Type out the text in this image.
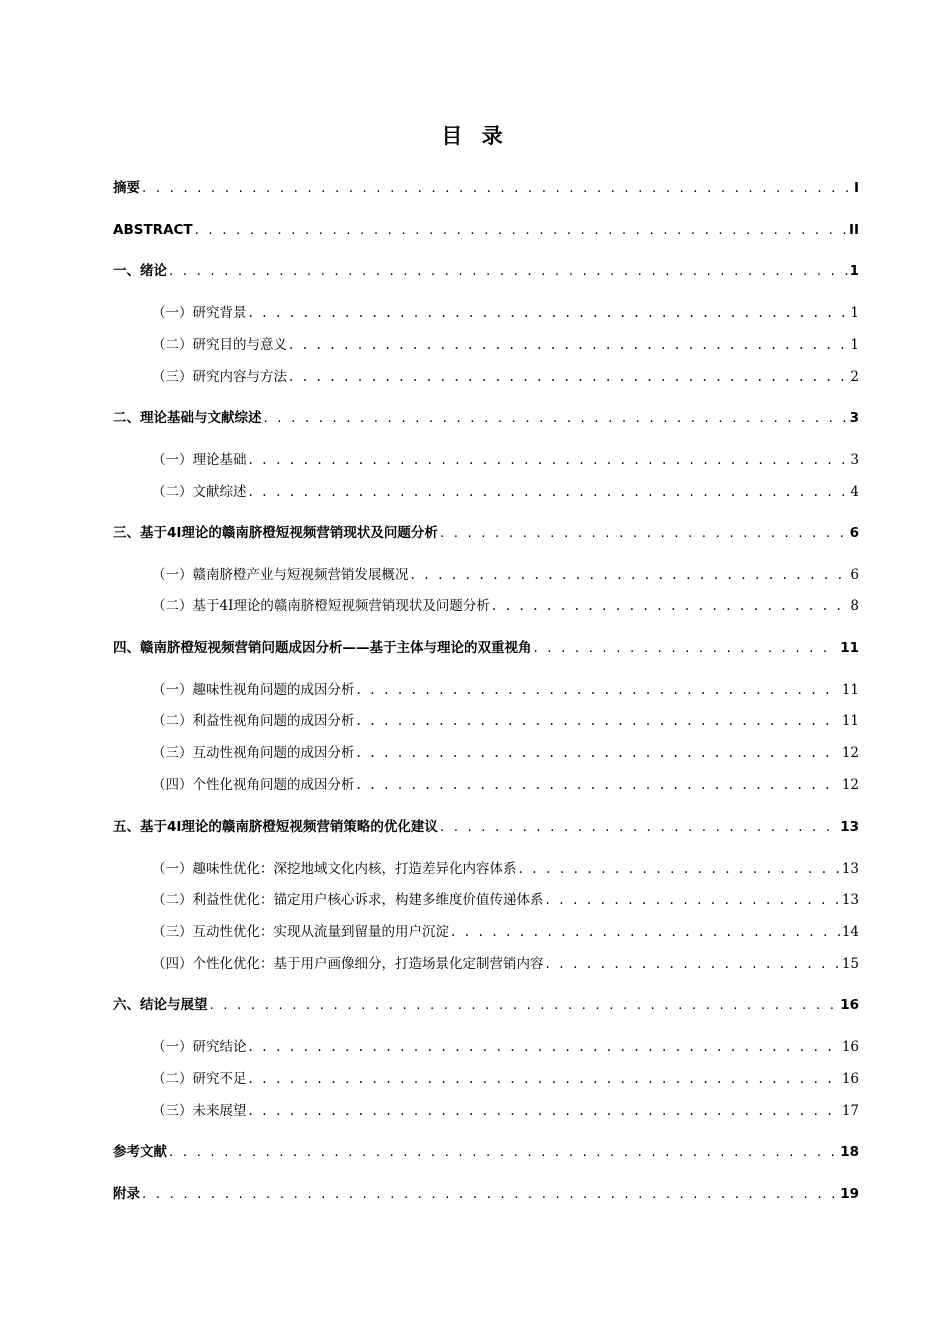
目 录
摘要 . . .	I
ABSTRACT . . .	II
一、绪论 . . .	1
（一）研究背景 . . .	1
（二）研究目的与意义 . . .	1
（三）研究内容与方法 . . .	2
二、理论基础与文献综述 . . .	3
（一）理论基础 . . .	3
（二）文献综述 . . .	4
三、基于4I理论的赣南脐橙短视频营销现状及问题分析 . . .	6
（一）赣南脐橙产业与短视频营销发展概况 . . .	6
（二）基于4I理论的赣南脐橙短视频营销现状及问题分析 . . .	8
四、赣南脐橙短视频营销问题成因分析——基于主体与理论的双重视角 . . .	11
（一）趣味性视角问题的成因分析 . . .	11
（二）利益性视角问题的成因分析 . . .	11
（三）互动性视角问题的成因分析 . . .	12
（四）个性化视角问题的成因分析 . . .	12
五、基于4I理论的赣南脐橙短视频营销策略的优化建议 . . .	13
（一）趣味性优化：深挖地域文化内核，打造差异化内容体系 . . .	13
（二）利益性优化：锚定用户核心诉求，构建多维度价值传递体系 . . .	13
（三）互动性优化：实现从流量到留量的用户沉淀 . . .	14
（四）个性化优化：基于用户画像细分，打造场景化定制营销内容 . . .	15
六、结论与展望 . . .	16
（一）研究结论 . . .	16
（二）研究不足 . . .	16
（三）未来展望 . . .	17
参考文献 . . .	18
附录 . . .	19
